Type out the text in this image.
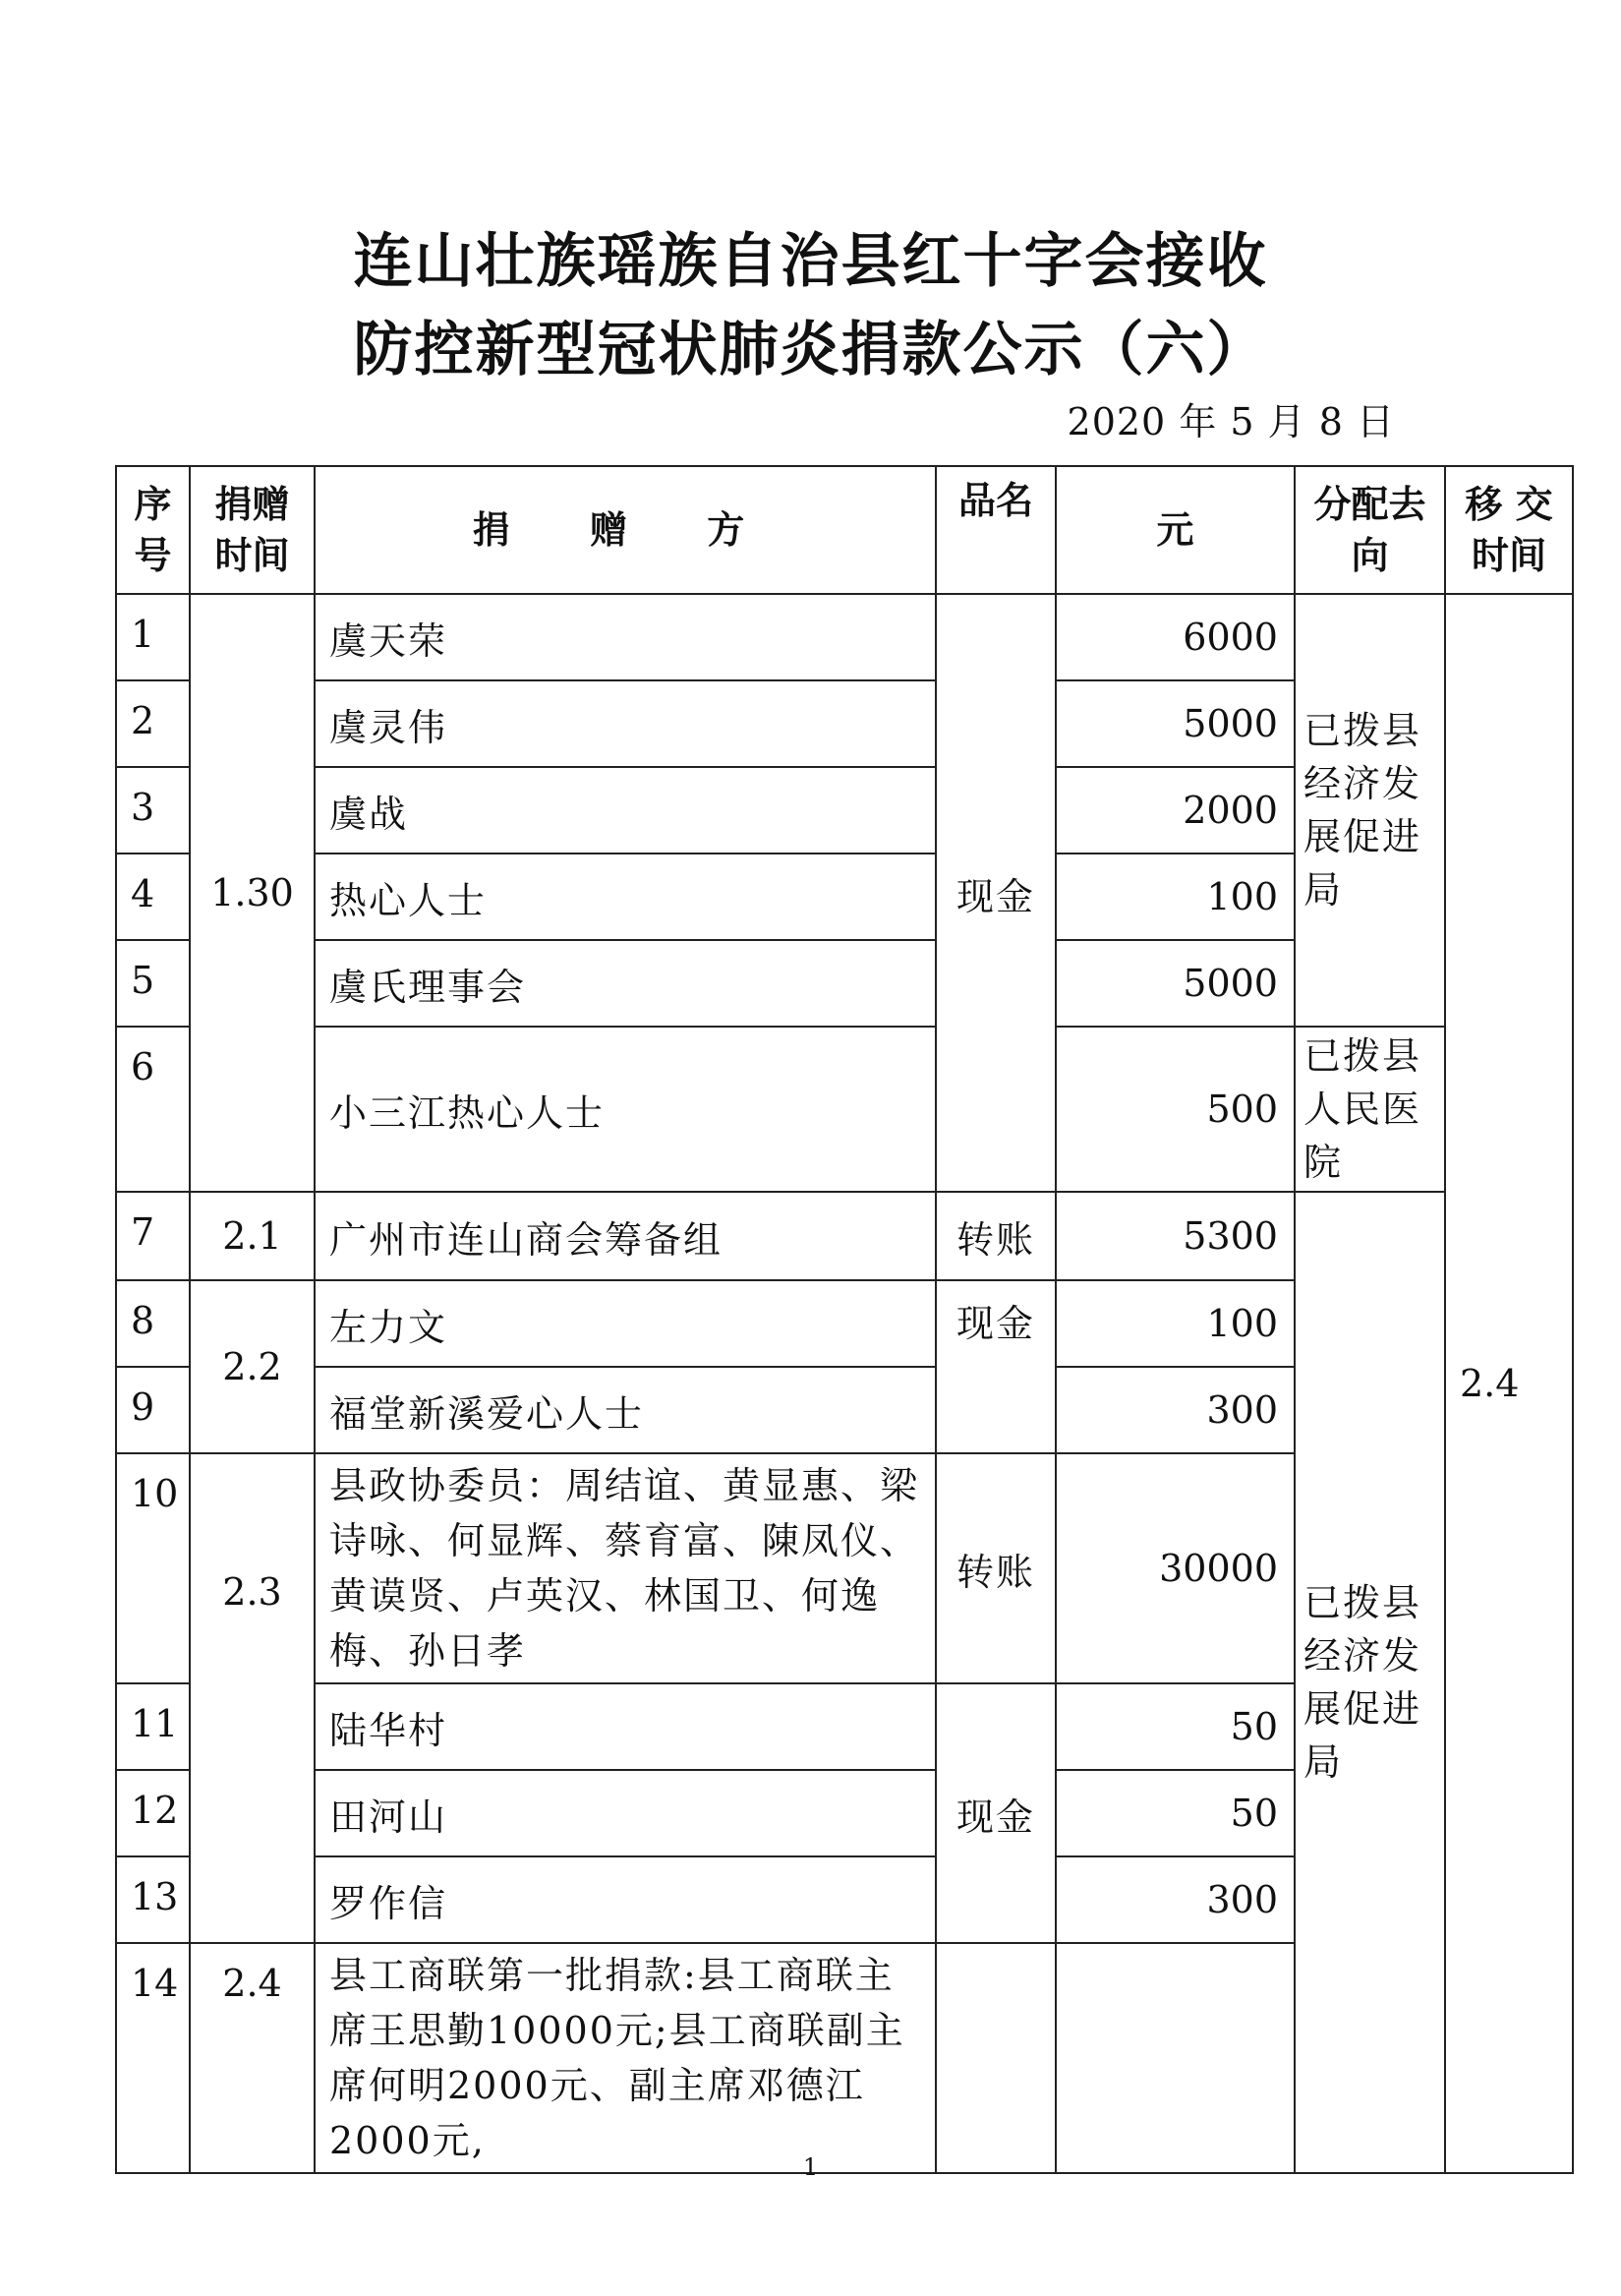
连山壮族瑶族自治县红十字会接收
防控新型冠状肺炎捐款公示（六）
2020 年 5 月 8 日
序号	捐赠时间	捐 赠 方	品名	元	分配去向	移 交 时间
1	1.30	虞天荣	现金	6000	已拨县经济发展促进局	2.4
2		虞灵伟		5000		
3		虞战		2000		
4		热心人士		100		
5		虞氏理事会		5000		
6		小三江热心人士		500	已拨县人民医院	
7	2.1	广州市连山商会筹备组	转账	5300	已拨县经济发展促进局	
8	2.2	左力文	现金	100		
9		福堂新溪爱心人士		300		
10	2.3	县政协委员：周结谊、黄显惠、梁诗咏、何显辉、蔡育富、陳凤仪、黄谟贤、卢英汉、林国卫、何逸梅、孙日孝	转账	30000		
11		陆华村	现金	50		
12		田河山		50		
13		罗作信		300		
14	2.4	县工商联第一批捐款:县工商联主席王思勤10000元;县工商联副主席何明2000元、副主席邓德江2000元,				
1
